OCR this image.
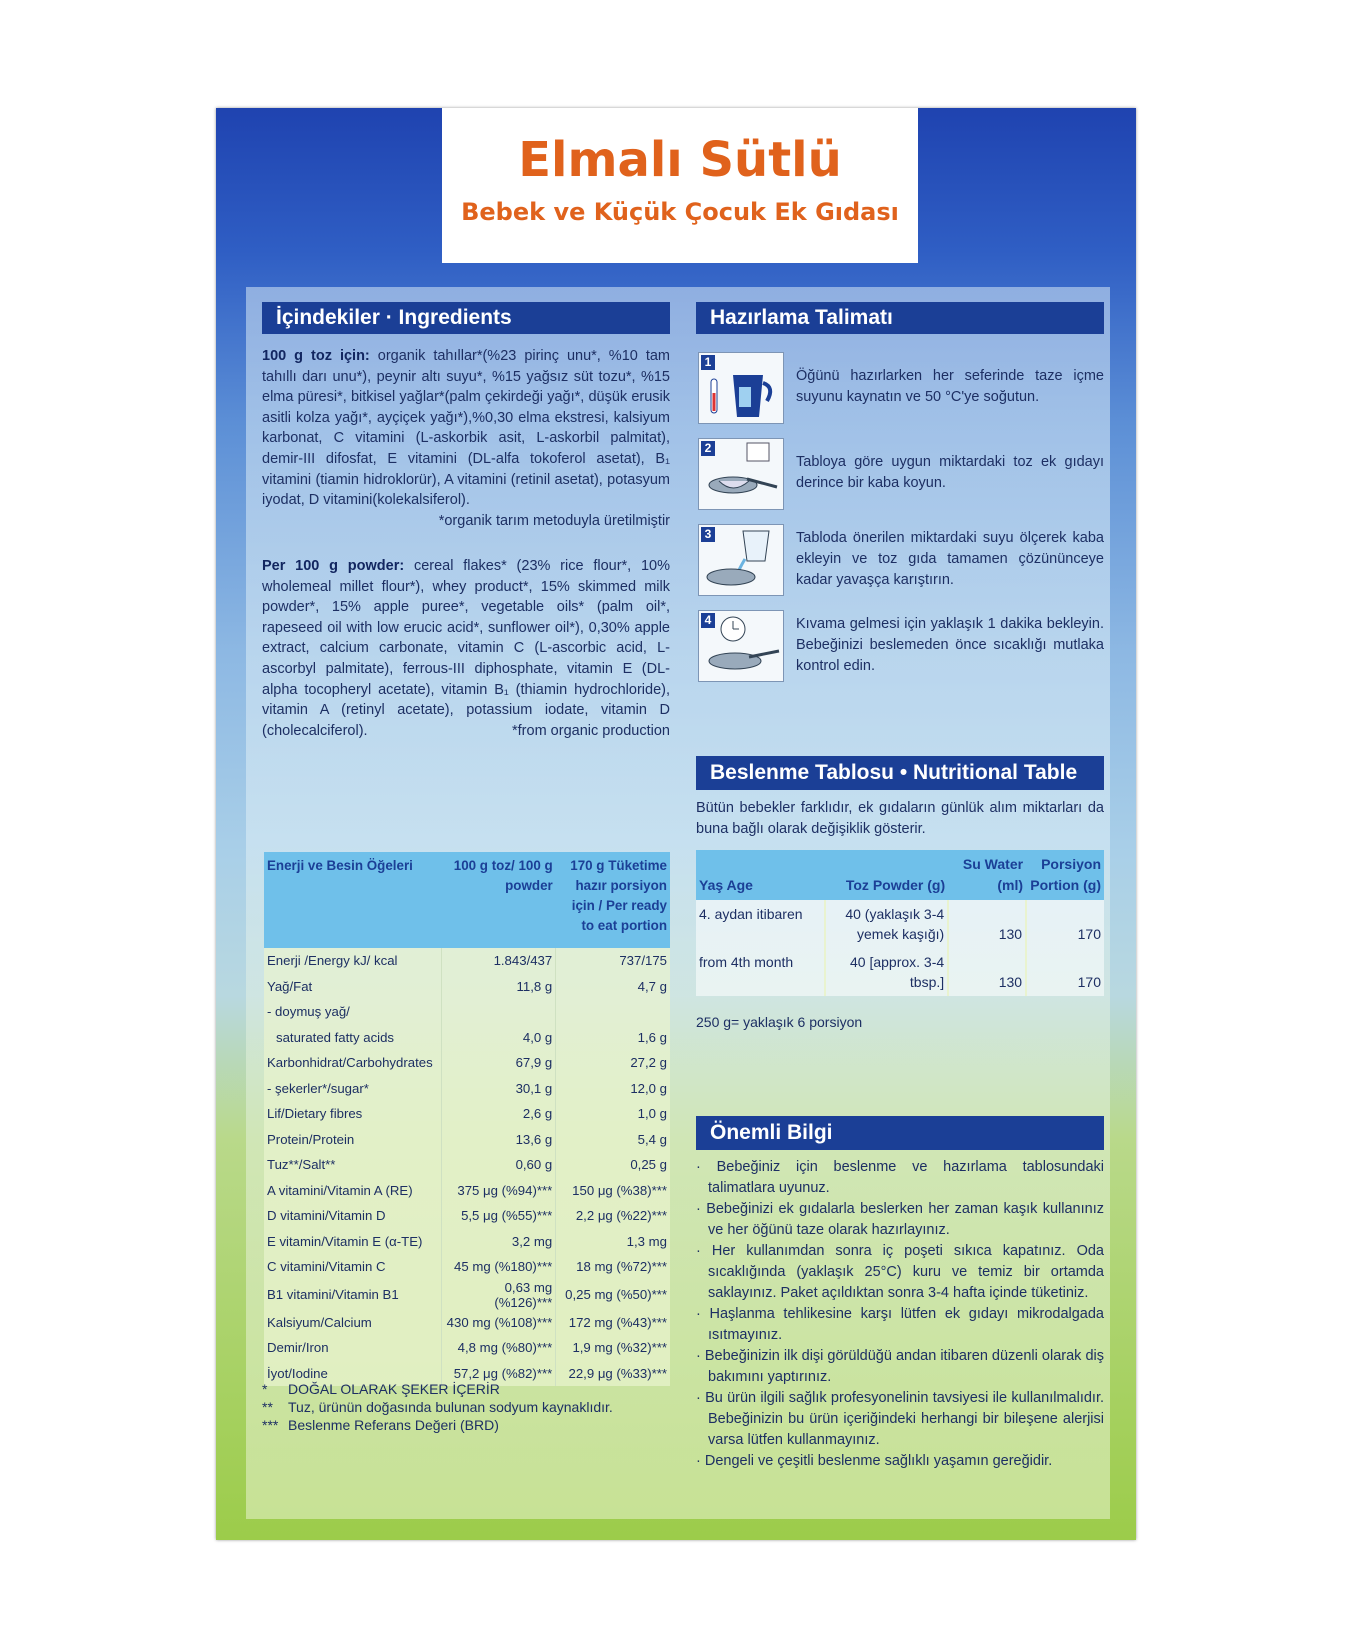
Elmalı Sütlü
Bebek ve Küçük Çocuk Ek Gıdası
İçindekiler · Ingredients
100 g toz için: organik tahıllar*(%23 pirinç unu*, %10 tam tahıllı darı unu*), peynir altı suyu*, %15 yağsız süt tozu*, %15 elma püresi*, bitkisel yağlar*(palm çekirdeği yağı*, düşük erusik asitli kolza yağı*, ayçiçek yağı*),%0,30 elma ekstresi, kalsiyum karbonat, C vitamini (L-askorbik asit, L-askorbil palmitat), demir-III difosfat, E vitamini (DL-alfa tokoferol asetat), B₁ vitamini (tiamin hidroklorür), A vitamini (retinil asetat), potasyum iyodat, D vitamini(kolekalsiferol).
*organik tarım metoduyla üretilmiştir
Per 100 g powder: cereal flakes* (23% rice flour*, 10% wholemeal millet flour*), whey product*, 15% skimmed milk powder*, 15% apple puree*, vegetable oils* (palm oil*, rapeseed oil with low erucic acid*, sunflower oil*), 0,30% apple extract, calcium carbonate, vitamin C (L-ascorbic acid, L-ascorbyl palmitate), ferrous-III diphosphate, vitamin E (DL-alpha tocopheryl acetate), vitamin B₁ (thiamin hydrochloride), vitamin A (retinyl acetate), potassium iodate, vitamin D (cholecalciferol).	*from organic production
Hazırlama Talimatı
1
Öğünü hazırlarken her seferinde taze içme suyunu kaynatın ve 50 °C'ye soğutun.
2
Tabloya göre uygun miktardaki toz ek gıdayı derince bir kaba koyun.
3	Tabloda önerilen miktardaki suyu ölçerek kaba ekleyin ve toz gıda tamamen çözününceye kadar yavaşça karıştırın.
4	Kıvama gelmesi için yaklaşık 1 dakika bekleyin. Bebeğinizi beslemeden önce sıcaklığı mutlaka kontrol edin.
Beslenme Tablosu • Nutritional Table
Bütün bebekler farklıdır, ek gıdaların günlük alım miktarları da buna bağlı olarak değişiklik gösterir.
Yaş Age	Toz Powder (g)	Su Water (ml)	Porsiyon Portion (g)
4. aydan itibaren	40 (yaklaşık 3-4 yemek kaşığı)	130	170
from 4th month	40 [approx. 3-4 tbsp.]	130	170
250 g= yaklaşık 6 porsiyon
Enerji ve Besin Öğeleri	100 g toz/ 100 g powder	170 g Tüketime hazır porsiyon için / Per ready to eat portion
Enerji /Energy kJ/ kcal	1.843/437	737/175
Yağ/Fat	11,8 g	4,7 g
- doymuş yağ/		
saturated fatty acids	4,0 g	1,6 g
Karbonhidrat/Carbohydrates	67,9 g	27,2 g
- şekerler*/sugar*	30,1 g	12,0 g
Lif/Dietary fibres	2,6 g	1,0 g
Protein/Protein	13,6 g	5,4 g
Tuz**/Salt**	0,60 g	0,25 g
A vitamini/Vitamin A (RE)	375 μg (%94)***	150 μg (%38)***
D vitamini/Vitamin D	5,5 μg (%55)***	2,2 μg (%22)***
E vitamin/Vitamin E (α-TE)	3,2 mg	1,3 mg
C vitamini/Vitamin C	45 mg (%180)***	18 mg (%72)***
B1 vitamini/Vitamin B1	0,63 mg (%126)***	0,25 mg (%50)***
Kalsiyum/Calcium	430 mg (%108)***	172 mg (%43)***
Demir/Iron	4,8 mg (%80)***	1,9 mg (%32)***
İyot/Iodine	57,2 μg (%82)***	22,9 μg (%33)***
* DOĞAL OLARAK ŞEKER İÇERİR
** Tuz, ürünün doğasında bulunan sodyum kaynaklıdır.
*** Beslenme Referans Değeri (BRD)
Önemli Bilgi
· Bebeğiniz için beslenme ve hazırlama tablosundaki talimatlara uyunuz.
· Bebeğinizi ek gıdalarla beslerken her zaman kaşık kullanınız ve her öğünü taze olarak hazırlayınız.
· Her kullanımdan sonra iç poşeti sıkıca kapatınız. Oda sıcaklığında (yaklaşık 25°C) kuru ve temiz bir ortamda saklayınız. Paket açıldıktan sonra 3-4 hafta içinde tüketiniz.
· Haşlanma tehlikesine karşı lütfen ek gıdayı mikrodalgada ısıtmayınız.
· Bebeğinizin ilk dişi görüldüğü andan itibaren düzenli olarak diş bakımını yaptırınız.
· Bu ürün ilgili sağlık profesyonelinin tavsiyesi ile kullanılmalıdır. Bebeğinizin bu ürün içeriğindeki herhangi bir bileşene alerjisi varsa lütfen kullanmayınız.
· Dengeli ve çeşitli beslenme sağlıklı yaşamın gereğidir.
